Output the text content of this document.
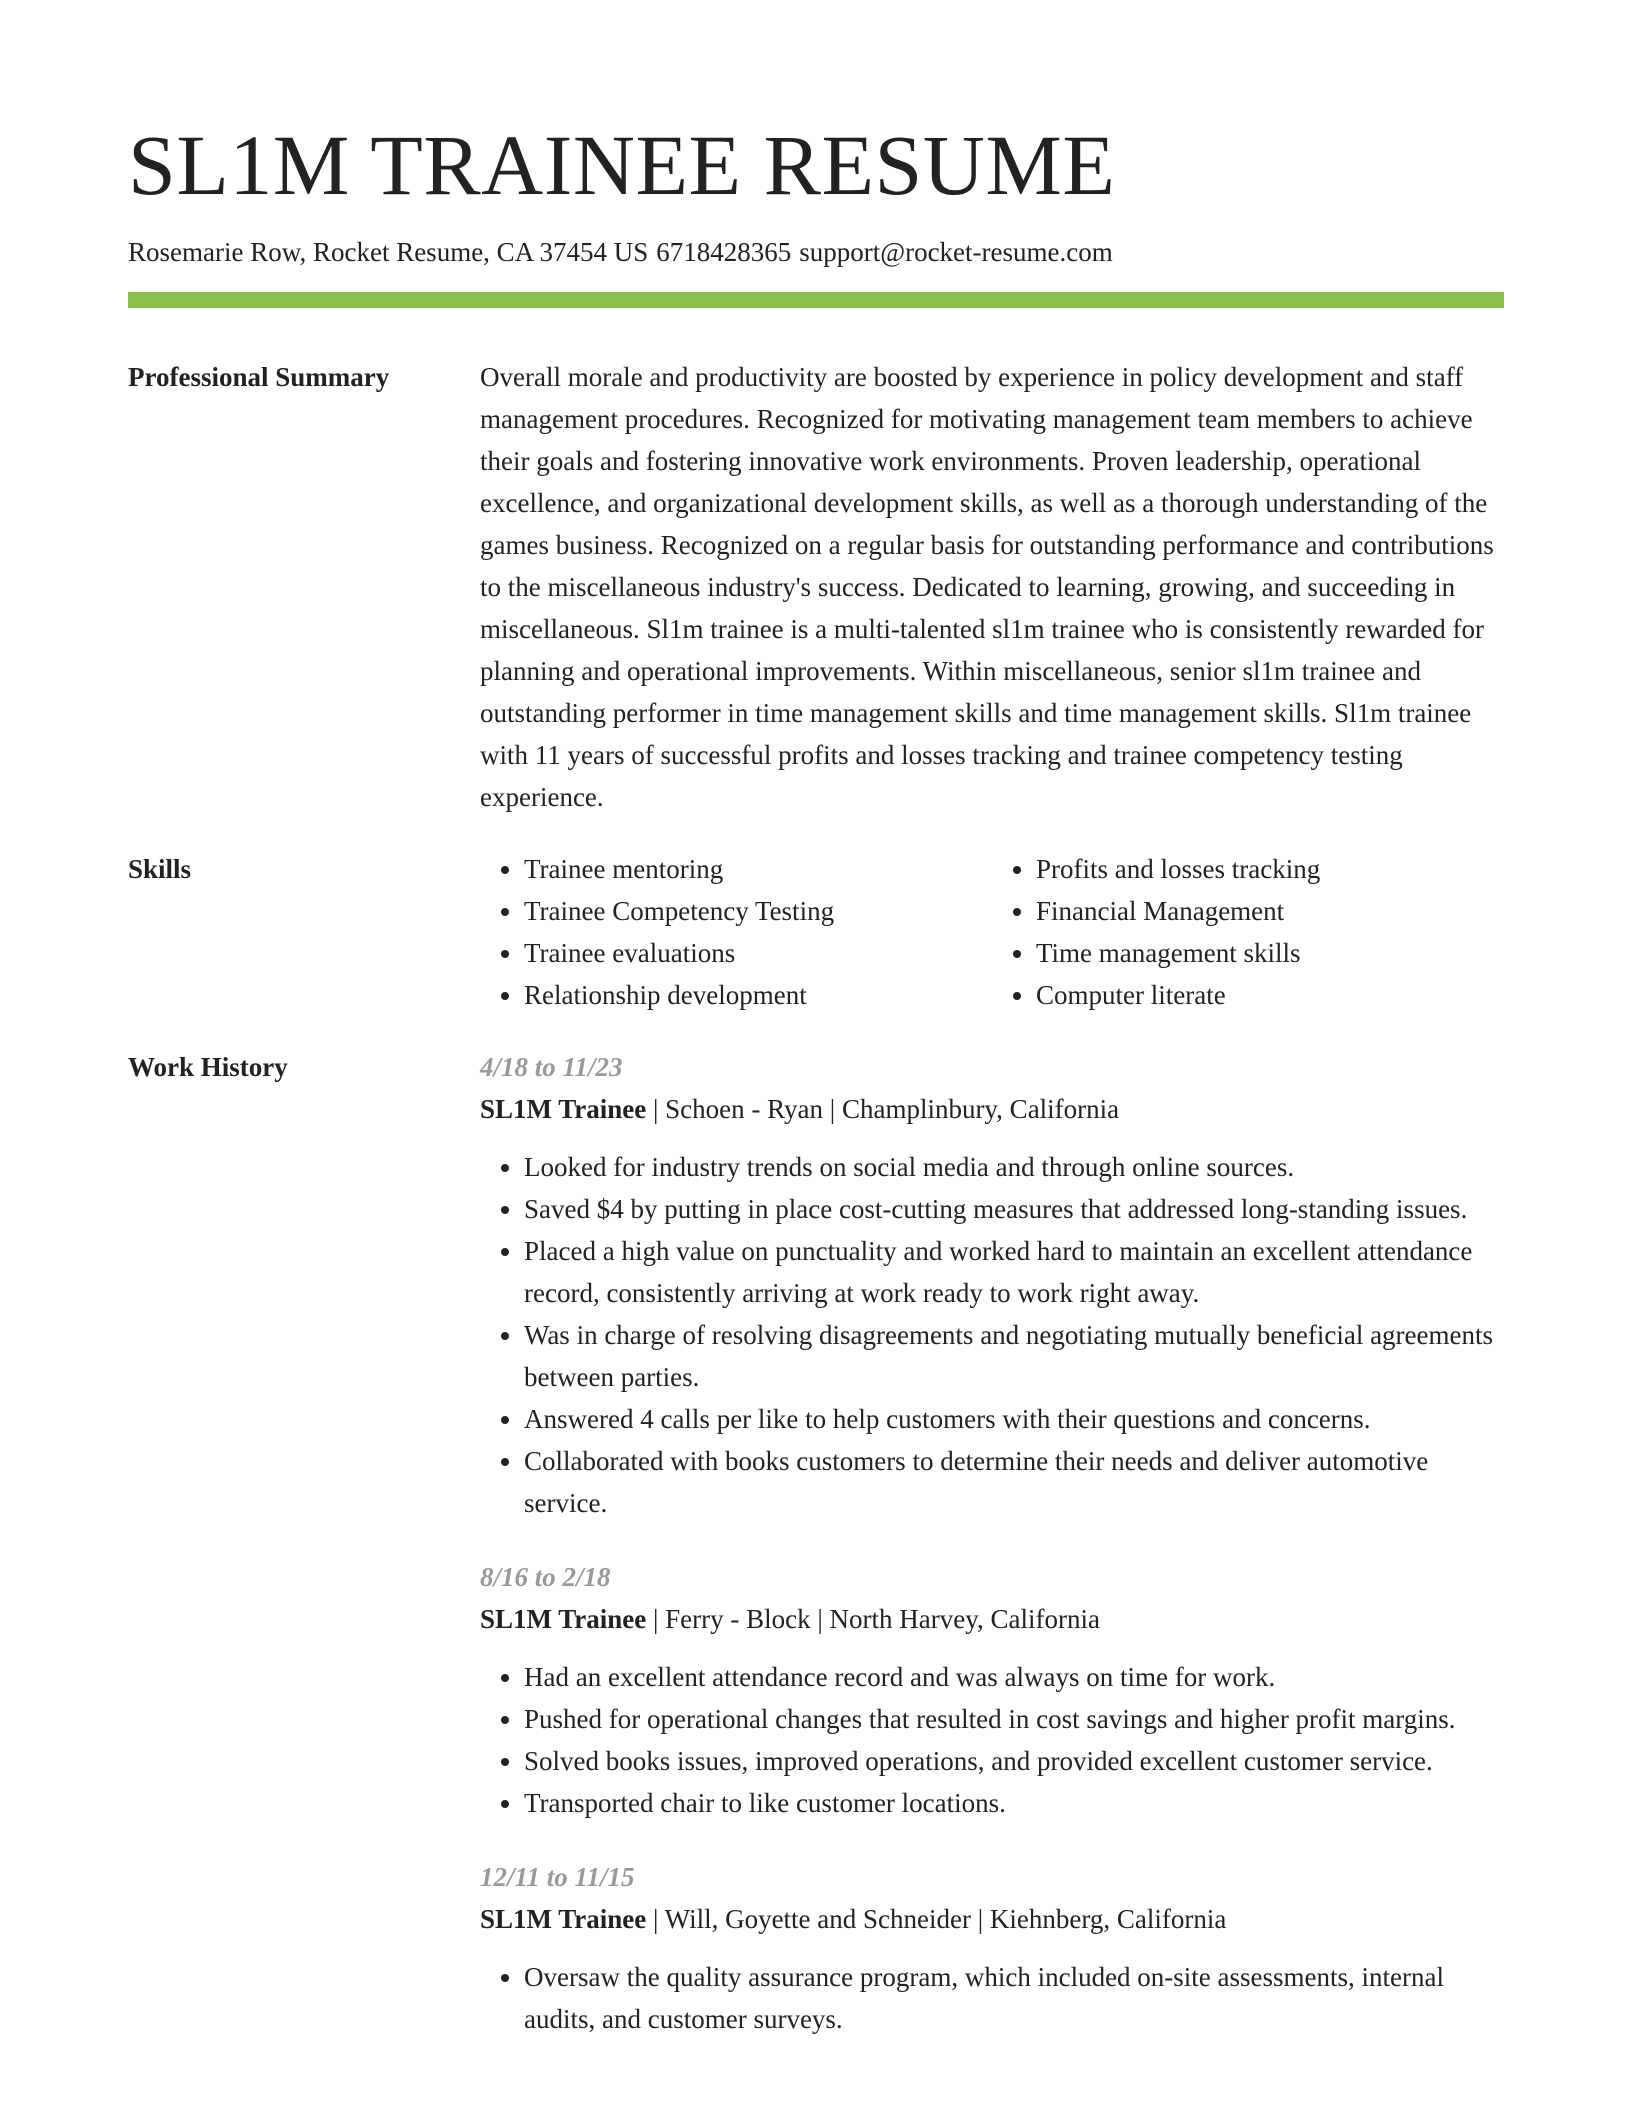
SL1M TRAINEE RESUME
Rosemarie Row, Rocket Resume, CA 37454 US 6718428365 support@rocket-resume.com
Professional Summary	Overall morale and productivity are boosted by experience in policy development and staff management procedures. Recognized for motivating management team members to achieve their goals and fostering innovative work environments. Proven leadership, operational excellence, and organizational development skills, as well as a thorough understanding of the games business. Recognized on a regular basis for outstanding performance and contributions to the miscellaneous industry's success. Dedicated to learning, growing, and succeeding in miscellaneous. Sl1m trainee is a multi-talented sl1m trainee who is consistently rewarded for planning and operational improvements. Within miscellaneous, senior sl1m trainee and outstanding performer in time management skills and time management skills. Sl1m trainee with 11 years of successful profits and losses tracking and trainee competency testing experience.
Skills
•	Trainee mentoring
• Trainee Competency Testing
• Trainee evaluations
• Relationship development
• Profits and losses tracking
• Financial Management
• Time management skills
• Computer literate
Work History	4/18 to 11/23
SL1M Trainee | Schoen - Ryan | Champlinbury, California
• Looked for industry trends on social media and through online sources.
• Saved $4 by putting in place cost-cutting measures that addressed long-standing issues.
• Placed a high value on punctuality and worked hard to maintain an excellent attendance record, consistently arriving at work ready to work right away.
• Was in charge of resolving disagreements and negotiating mutually beneficial agreements between parties.
• Answered 4 calls per like to help customers with their questions and concerns.
• Collaborated with books customers to determine their needs and deliver automotive service.
8/16 to 2/18
SL1M Trainee | Ferry - Block | North Harvey, California
• Had an excellent attendance record and was always on time for work.
• Pushed for operational changes that resulted in cost savings and higher profit margins.
• Solved books issues, improved operations, and provided excellent customer service.
• Transported chair to like customer locations.
12/11 to 11/15
SL1M Trainee | Will, Goyette and Schneider | Kiehnberg, California
• Oversaw the quality assurance program, which included on-site assessments, internal audits, and customer surveys.
